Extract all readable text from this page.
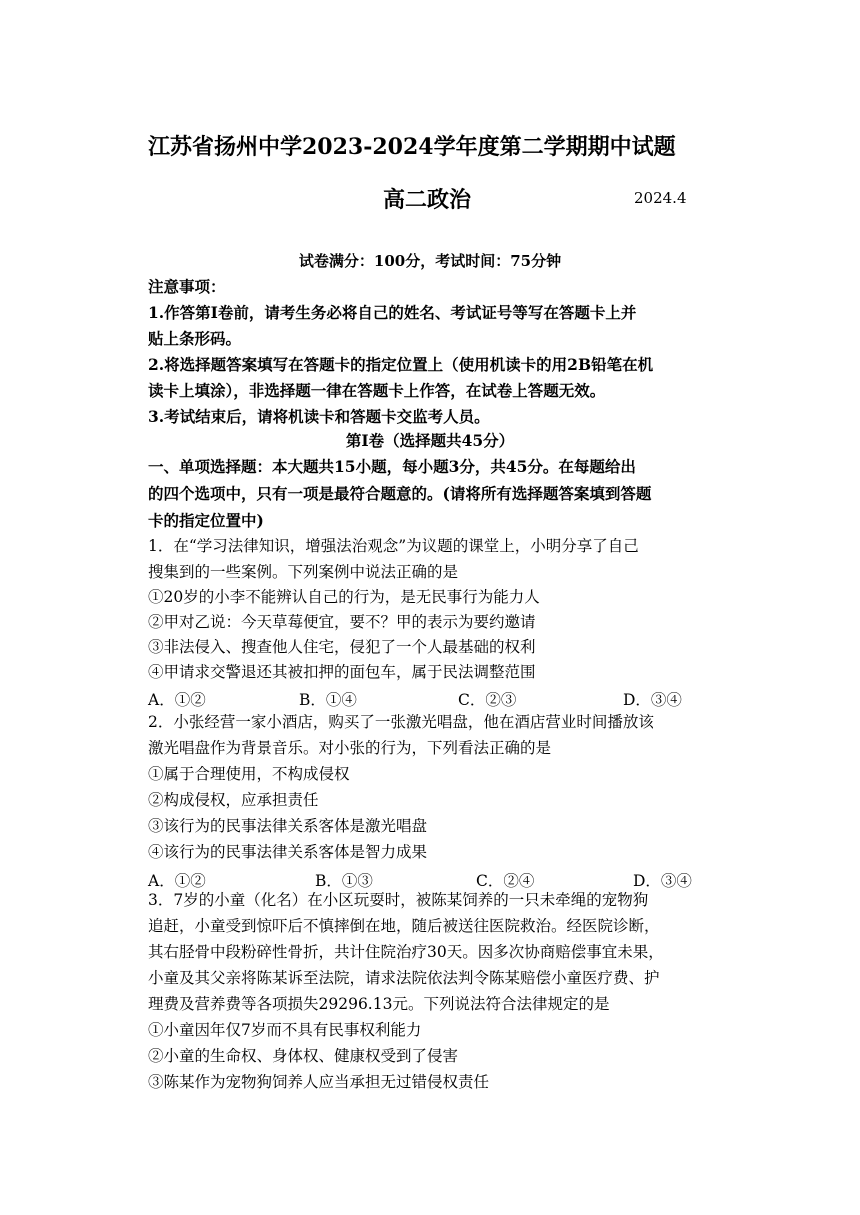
江苏省扬州中学2023-2024学年度第二学期期中试题
高二政治	2024.4
试卷满分：100分，考试时间：75分钟
注意事项：
1.作答第Ⅰ卷前，请考生务必将自己的姓名、考试证号等写在答题卡上并
贴上条形码。
2.将选择题答案填写在答题卡的指定位置上（使用机读卡的用2B铅笔在机
读卡上填涂），非选择题一律在答题卡上作答，在试卷上答题无效。
3.考试结束后，请将机读卡和答题卡交监考人员。
第Ⅰ卷（选择题共45分）
一、单项选择题：本大题共15小题，每小题3分，共45分。在每题给出
的四个选项中，只有一项是最符合题意的。(请将所有选择题答案填到答题
卡的指定位置中)
1．在“学习法律知识，增强法治观念”为议题的课堂上，小明分享了自己
搜集到的一些案例。下列案例中说法正确的是
①20岁的小李不能辨认自己的行为，是无民事行为能力人
②甲对乙说：今天草莓便宜，要不？甲的表示为要约邀请
③非法侵入、搜查他人住宅，侵犯了一个人最基础的权利
④甲请求交警退还其被扣押的面包车，属于民法调整范围
A．①②	B．①④	C．②③	D．③④
2．小张经营一家小酒店，购买了一张激光唱盘，他在酒店营业时间播放该
激光唱盘作为背景音乐。对小张的行为，下列看法正确的是
①属于合理使用，不构成侵权
②构成侵权，应承担责任
③该行为的民事法律关系客体是激光唱盘
④该行为的民事法律关系客体是智力成果
A．①②	B．①③	C．②④	D．③④
3．7岁的小童（化名）在小区玩耍时，被陈某饲养的一只未牵绳的宠物狗
追赶，小童受到惊吓后不慎摔倒在地，随后被送往医院救治。经医院诊断，
其右胫骨中段粉碎性骨折，共计住院治疗30天。因多次协商赔偿事宜未果，
小童及其父亲将陈某诉至法院，请求法院依法判令陈某赔偿小童医疗费、护
理费及营养费等各项损失29296.13元。下列说法符合法律规定的是
①小童因年仅7岁而不具有民事权利能力
②小童的生命权、身体权、健康权受到了侵害
③陈某作为宠物狗饲养人应当承担无过错侵权责任
